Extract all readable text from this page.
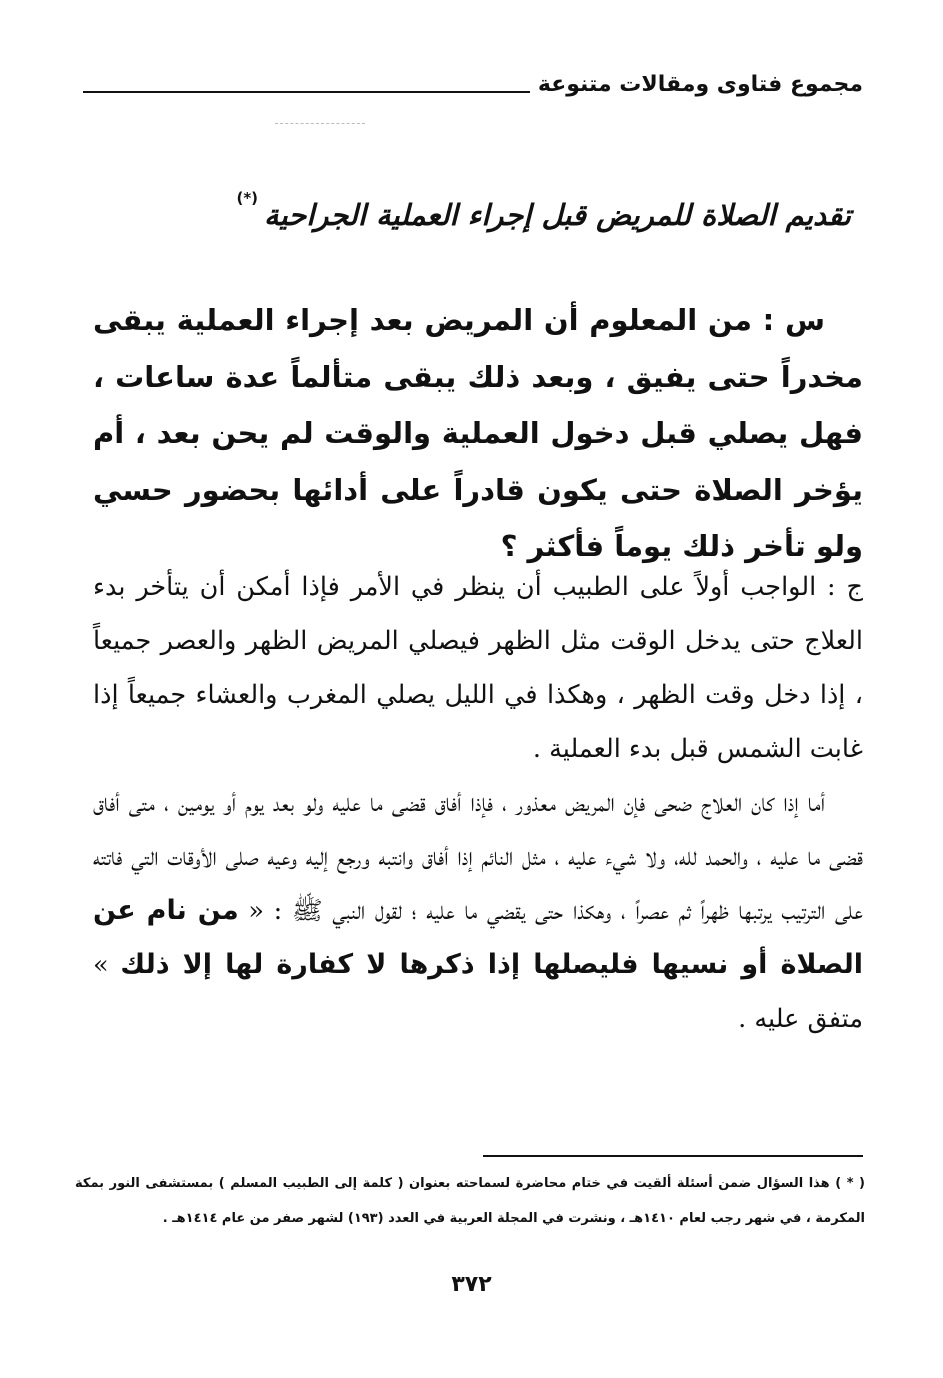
مجموع فتاوى ومقالات متنوعة
تقديم الصلاة للمريض قبل إجراء العملية الجراحية(*)
س : من المعلوم أن المريض بعد إجراء العملية يبقى مخدراً حتى يفيق ، وبعد ذلك يبقى متألماً عدة ساعات ، فهل يصلي قبل دخول العملية والوقت لم يحن بعد ، أم يؤخر الصلاة حتى يكون قادراً على أدائها بحضور حسي ولو تأخر ذلك يوماً فأكثر ؟

ج : الواجب أولاً على الطبيب أن ينظر في الأمر فإذا أمكن أن يتأخر بدء العلاج حتى يدخل الوقت مثل الظهر فيصلي المريض الظهر والعصر جميعاً ، إذا دخل وقت الظهر ، وهكذا في الليل يصلي المغرب والعشاء جميعاً إذا غابت الشمس قبل بدء العملية .

أما إذا كان العلاج ضحى فإن المريض معذور ، فإذا أفاق قضى ما عليه ولو بعد يوم أو يومين ، متى أفاق قضى ما عليه ، والحمد لله، ولا شيء عليه ، مثل النائم إذا أفاق وانتبه ورجع إليه وعيه صلى الأوقات التي فاتته على الترتيب يرتبها ظهراً ثم عصراً ، وهكذا حتى يقضي ما عليه ؛ لقول النبي ﷺ : « من نام عن الصلاة أو نسيها فليصلها إذا ذكرها لا كفارة لها إلا ذلك » متفق عليه .

( * ) هذا السؤال ضمن أسئلة ألقيت في ختام محاضرة لسماحته بعنوان ( كلمة إلى الطبيب المسلم ) بمستشفى النور بمكة المكرمة ، في شهر رجب لعام ١٤١٠هـ ، ونشرت في المجلة العربية في العدد (١٩٣) لشهر صفر من عام ١٤١٤هـ .
٣٧٢
